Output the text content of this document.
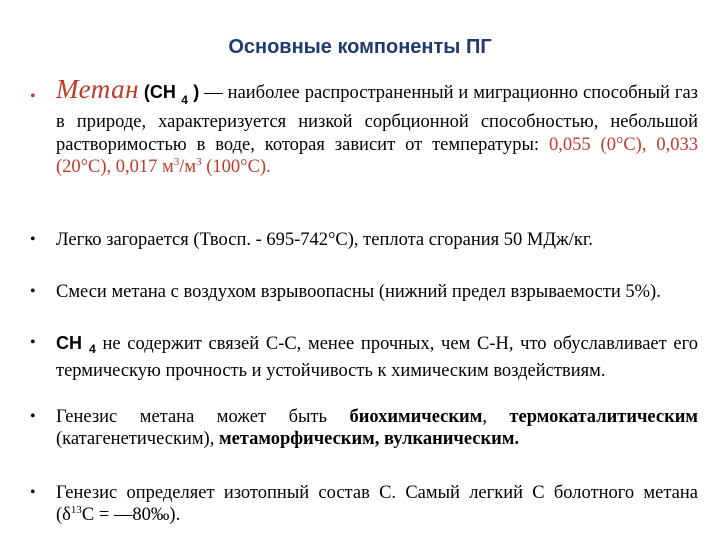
Основные компоненты ПГ
• Метан (CH $_4$ ) — наиболее распространенный и миграционно способный газ в природе, характеризуется низкой сорбционной способностью, небольшой растворимостью в воде, которая зависит от температуры: 0,055 (0°С), 0,033 (20°С), 0,017 $м^3/м^3$ (100°С).
• Легко загорается (Твосп. - 695-742°С), теплота сгорания 50 МДж/кг.
• Смеси метана с воздухом взрывоопасны (нижний предел взрываемости 5%).
• CH $_4$ не содержит связей С-С, менее прочных, чем С-Н, что обуславливает его термическую прочность и устойчивость к химическим воздействиям.
• Генезис метана может быть биохимическим, термокаталитическим (катагенетическим), метаморфическим, вулканическим.
• Генезис определяет изотопный состав С. Самый легкий С болотного метана ($\delta^{13}С$ = —80‰).
